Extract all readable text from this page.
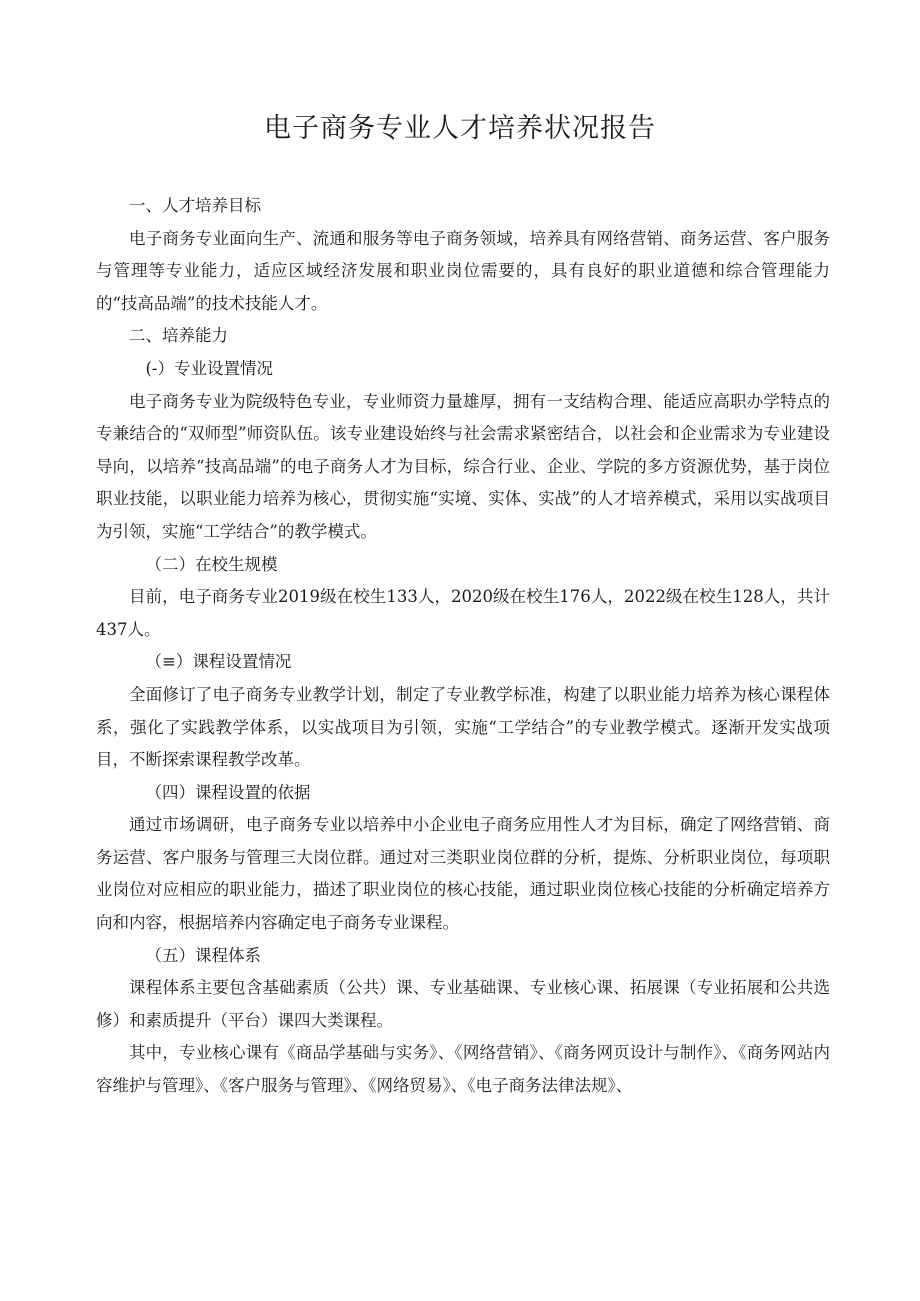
电子商务专业人才培养状况报告

一、人才培养目标

电子商务专业面向生产、流通和服务等电子商务领域，培养具有网络营销、商务运营、客户服务与管理等专业能力，适应区域经济发展和职业岗位需要的，具有良好的职业道德和综合管理能力的“技高品端”的技术技能人才。

二、培养能力

(-）专业设置情况

电子商务专业为院级特色专业，专业师资力量雄厚，拥有一支结构合理、能适应高职办学特点的专兼结合的“双师型”师资队伍。该专业建设始终与社会需求紧密结合，以社会和企业需求为专业建设导向，以培养“技高品端”的电子商务人才为目标，综合行业、企业、学院的多方资源优势，基于岗位职业技能，以职业能力培养为核心，贯彻实施“实境、实体、实战”的人才培养模式，采用以实战项目为引领，实施“工学结合”的教学模式。

（二）在校生规模

目前，电子商务专业2019级在校生133人，2020级在校生176人，2022级在校生128人，共计437人。

（≡）课程设置情况

全面修订了电子商务专业教学计划，制定了专业教学标准，构建了以职业能力培养为核心课程体系，强化了实践教学体系，以实战项目为引领，实施“工学结合”的专业教学模式。逐渐开发实战项目，不断探索课程教学改革。

（四）课程设置的依据

通过市场调研，电子商务专业以培养中小企业电子商务应用性人才为目标，确定了网络营销、商务运营、客户服务与管理三大岗位群。通过对三类职业岗位群的分析，提炼、分析职业岗位，每项职业岗位对应相应的职业能力，描述了职业岗位的核心技能，通过职业岗位核心技能的分析确定培养方向和内容，根据培养内容确定电子商务专业课程。

（五）课程体系

课程体系主要包含基础素质（公共）课、专业基础课、专业核心课、拓展课（专业拓展和公共选修）和素质提升（平台）课四大类课程。

其中，专业核心课有《商品学基础与实务》、《网络营销》、《商务网页设计与制作》、《商务网站内容维护与管理》、《客户服务与管理》、《网络贸易》、《电子商务法律法规》、
